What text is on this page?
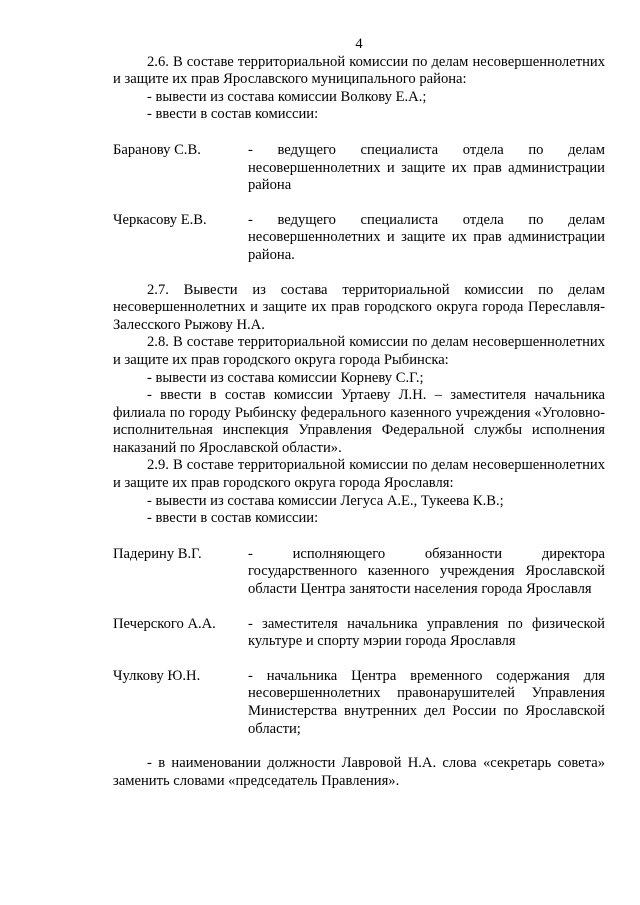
4

2.6. В составе территориальной комиссии по делам несовершеннолетних и защите их прав Ярославского муниципального района:

- вывести из состава комиссии Волкову Е.А.;

- ввести в состав комиссии:

Баранову С.В.	- ведущего специалиста отдела по делам несовершеннолетних и защите их прав администрации района
Черкасову Е.В.	- ведущего специалиста отдела по делам несовершеннолетних и защите их прав администрации района.

2.7. Вывести из состава территориальной комиссии по делам несовершеннолетних и защите их прав городского округа города Переславля-Залесского Рыжову Н.А.

2.8. В составе территориальной комиссии по делам несовершеннолетних и защите их прав городского округа города Рыбинска:

- вывести из состава комиссии Корневу С.Г.;

- ввести в состав комиссии Уртаеву Л.Н. – заместителя начальника филиала по городу Рыбинску федерального казенного учреждения «Уголовно-исполнительная инспекция Управления Федеральной службы исполнения наказаний по Ярославской области».

2.9. В составе территориальной комиссии по делам несовершеннолетних и защите их прав городского округа города Ярославля:

- вывести из состава комиссии Легуса А.Е., Тукеева К.В.;

- ввести в состав комиссии:

Падерину В.Г.	- исполняющего обязанности директора государственного казенного учреждения Ярославской области Центра занятости населения города Ярославля
Печерского А.А.	- заместителя начальника управления по физической культуре и спорту мэрии города Ярославля
Чулкову Ю.Н.	- начальника Центра временного содержания для несовершеннолетних правонарушителей Управления Министерства внутренних дел России по Ярославской области;

- в наименовании должности Лавровой Н.А. слова «секретарь совета» заменить словами «председатель Правления».
